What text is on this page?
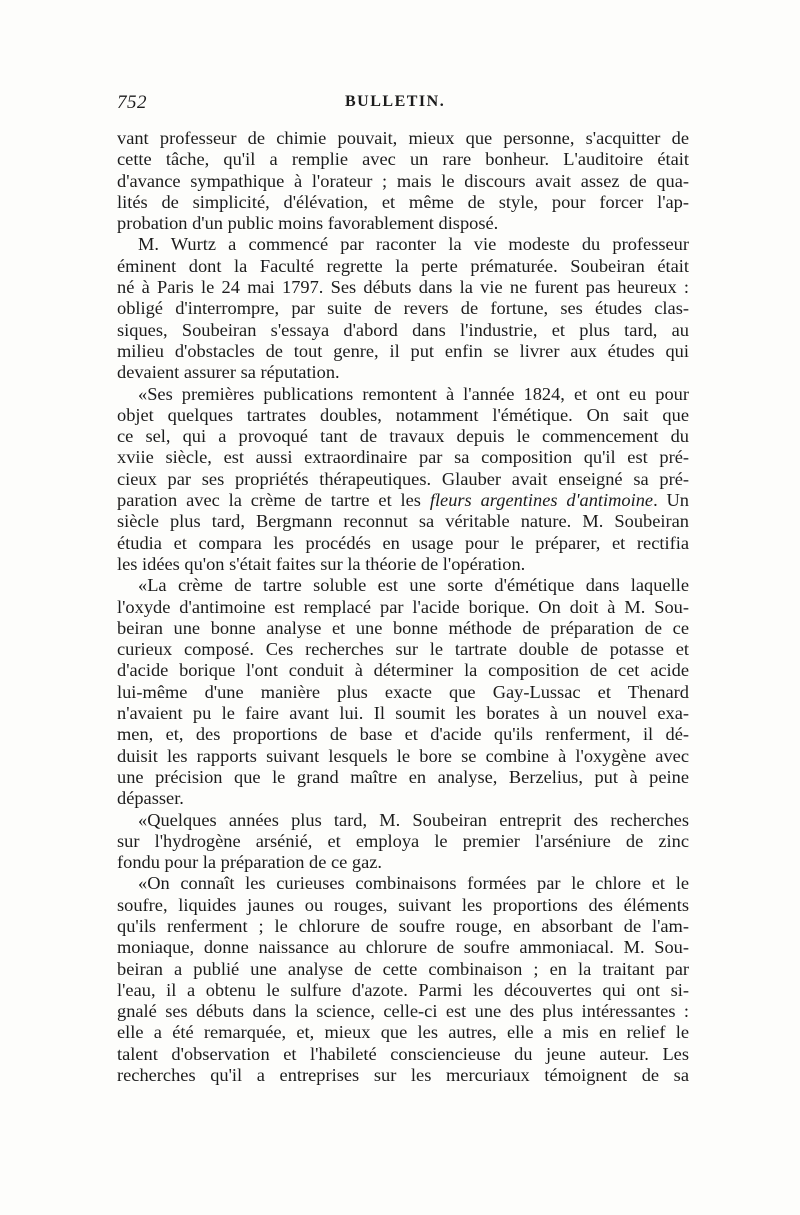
752	BULLETIN.
vant professeur de chimie pouvait, mieux que personne, s'acquitter de
cette tâche, qu'il a remplie avec un rare bonheur. L'auditoire était
d'avance sympathique à l'orateur ; mais le discours avait assez de qua-
lités de simplicité, d'élévation, et même de style, pour forcer l'ap-
probation d'un public moins favorablement disposé.
M. Wurtz a commencé par raconter la vie modeste du professeur
éminent dont la Faculté regrette la perte prématurée. Soubeiran était
né à Paris le 24 mai 1797. Ses débuts dans la vie ne furent pas heureux :
obligé d'interrompre, par suite de revers de fortune, ses études clas-
siques, Soubeiran s'essaya d'abord dans l'industrie, et plus tard, au
milieu d'obstacles de tout genre, il put enfin se livrer aux études qui
devaient assurer sa réputation.
«Ses premières publications remontent à l'année 1824, et ont eu pour
objet quelques tartrates doubles, notamment l'émétique. On sait que
ce sel, qui a provoqué tant de travaux depuis le commencement du
xviie siècle, est aussi extraordinaire par sa composition qu'il est pré-
cieux par ses propriétés thérapeutiques. Glauber avait enseigné sa pré-
paration avec la crème de tartre et les fleurs argentines d'antimoine. Un
siècle plus tard, Bergmann reconnut sa véritable nature. M. Soubeiran
étudia et compara les procédés en usage pour le préparer, et rectifia
les idées qu'on s'était faites sur la théorie de l'opération.
«La crème de tartre soluble est une sorte d'émétique dans laquelle
l'oxyde d'antimoine est remplacé par l'acide borique. On doit à M. Sou-
beiran une bonne analyse et une bonne méthode de préparation de ce
curieux composé. Ces recherches sur le tartrate double de potasse et
d'acide borique l'ont conduit à déterminer la composition de cet acide
lui-même d'une manière plus exacte que Gay-Lussac et Thenard
n'avaient pu le faire avant lui. Il soumit les borates à un nouvel exa-
men, et, des proportions de base et d'acide qu'ils renferment, il dé-
duisit les rapports suivant lesquels le bore se combine à l'oxygène avec
une précision que le grand maître en analyse, Berzelius, put à peine
dépasser.
«Quelques années plus tard, M. Soubeiran entreprit des recherches
sur l'hydrogène arsénié, et employa le premier l'arséniure de zinc
fondu pour la préparation de ce gaz.
«On connaît les curieuses combinaisons formées par le chlore et le
soufre, liquides jaunes ou rouges, suivant les proportions des éléments
qu'ils renferment ; le chlorure de soufre rouge, en absorbant de l'am-
moniaque, donne naissance au chlorure de soufre ammoniacal. M. Sou-
beiran a publié une analyse de cette combinaison ; en la traitant par
l'eau, il a obtenu le sulfure d'azote. Parmi les découvertes qui ont si-
gnalé ses débuts dans la science, celle-ci est une des plus intéressantes :
elle a été remarquée, et, mieux que les autres, elle a mis en relief le
talent d'observation et l'habileté consciencieuse du jeune auteur. Les
recherches qu'il a entreprises sur les mercuriaux témoignent de sa
